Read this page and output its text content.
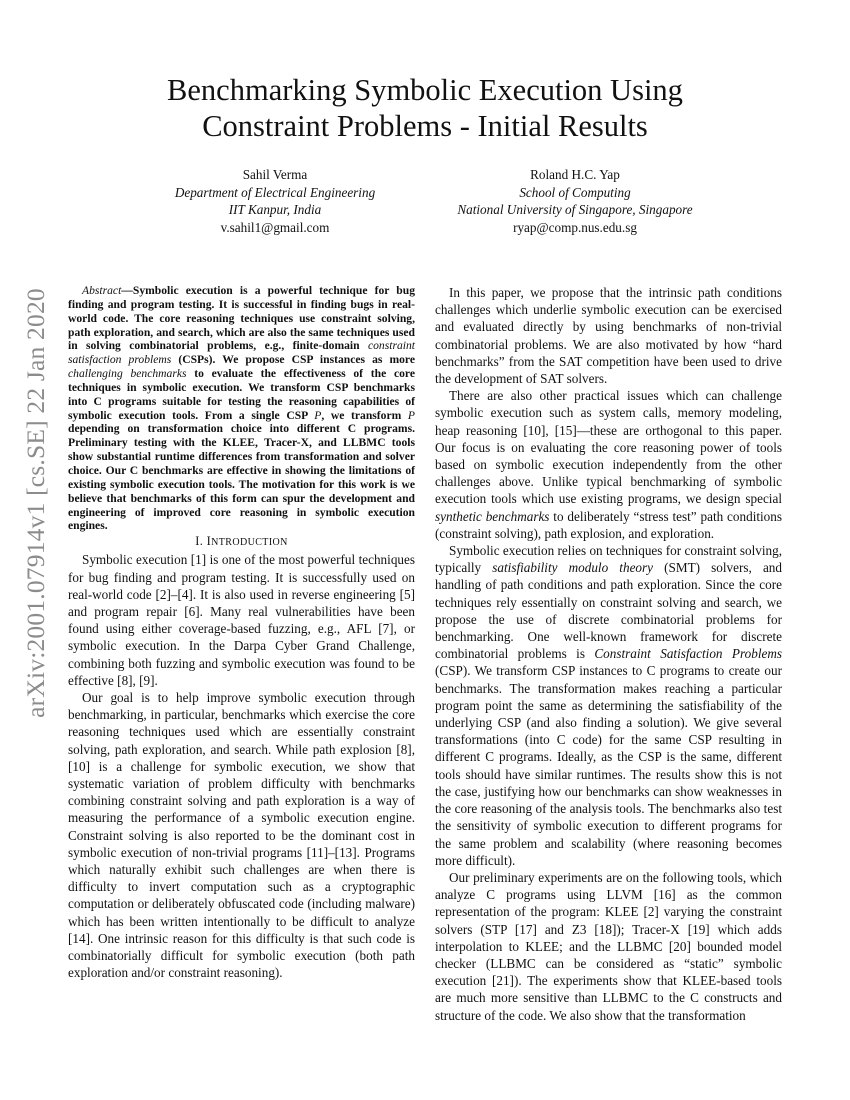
arXiv:2001.07914v1 [cs.SE] 22 Jan 2020
Benchmarking Symbolic Execution Using
Constraint Problems - Initial Results
Sahil Verma
Department of Electrical Engineering
IIT Kanpur, India
v.sahil1@gmail.com
Roland H.C. Yap
School of Computing
National University of Singapore, Singapore
ryap@comp.nus.edu.sg

Abstract—Symbolic execution is a powerful technique for bug finding and program testing. It is successful in finding bugs in real-world code. The core reasoning techniques use constraint solving, path exploration, and search, which are also the same techniques used in solving combinatorial problems, e.g., finite-domain constraint satisfaction problems (CSPs). We propose CSP instances as more challenging benchmarks to evaluate the effectiveness of the core techniques in symbolic execution. We transform CSP benchmarks into C programs suitable for testing the reasoning capabilities of symbolic execution tools. From a single CSP P, we transform P depending on transformation choice into different C programs. Preliminary testing with the KLEE, Tracer-X, and LLBMC tools show substantial runtime differences from transformation and solver choice. Our C benchmarks are effective in showing the limitations of existing symbolic execution tools. The motivation for this work is we believe that benchmarks of this form can spur the development and engineering of improved core reasoning in symbolic execution engines.

I. INTRODUCTION

Symbolic execution [1] is one of the most powerful techniques for bug finding and program testing. It is successfully used on real-world code [2]–[4]. It is also used in reverse engineering [5] and program repair [6]. Many real vulnerabilities have been found using either coverage-based fuzzing, e.g., AFL [7], or symbolic execution. In the Darpa Cyber Grand Challenge, combining both fuzzing and symbolic execution was found to be effective [8], [9].

Our goal is to help improve symbolic execution through benchmarking, in particular, benchmarks which exercise the core reasoning techniques used which are essentially constraint solving, path exploration, and search. While path explosion [8], [10] is a challenge for symbolic execution, we show that systematic variation of problem difficulty with benchmarks combining constraint solving and path exploration is a way of measuring the performance of a symbolic execution engine. Constraint solving is also reported to be the dominant cost in symbolic execution of non-trivial programs [11]–[13]. Programs which naturally exhibit such challenges are when there is difficulty to invert computation such as a cryptographic computation or deliberately obfuscated code (including malware) which has been written intentionally to be difficult to analyze [14]. One intrinsic reason for this difficulty is that such code is combinatorially difficult for symbolic execution (both path exploration and/or constraint reasoning).

In this paper, we propose that the intrinsic path conditions challenges which underlie symbolic execution can be exercised and evaluated directly by using benchmarks of non-trivial combinatorial problems. We are also motivated by how “hard benchmarks” from the SAT competition have been used to drive the development of SAT solvers.

There are also other practical issues which can challenge symbolic execution such as system calls, memory modeling, heap reasoning [10], [15]—these are orthogonal to this paper. Our focus is on evaluating the core reasoning power of tools based on symbolic execution independently from the other challenges above. Unlike typical benchmarking of symbolic execution tools which use existing programs, we design special synthetic benchmarks to deliberately “stress test” path conditions (constraint solving), path explosion, and exploration.

Symbolic execution relies on techniques for constraint solving, typically satisfiability modulo theory (SMT) solvers, and handling of path conditions and path exploration. Since the core techniques rely essentially on constraint solving and search, we propose the use of discrete combinatorial problems for benchmarking. One well-known framework for discrete combinatorial problems is Constraint Satisfaction Problems (CSP). We transform CSP instances to C programs to create our benchmarks. The transformation makes reaching a particular program point the same as determining the satisfiability of the underlying CSP (and also finding a solution). We give several transformations (into C code) for the same CSP resulting in different C programs. Ideally, as the CSP is the same, different tools should have similar runtimes. The results show this is not the case, justifying how our benchmarks can show weaknesses in the core reasoning of the analysis tools. The benchmarks also test the sensitivity of symbolic execution to different programs for the same problem and scalability (where reasoning becomes more difficult).

Our preliminary experiments are on the following tools, which analyze C programs using LLVM [16] as the common representation of the program: KLEE [2] varying the constraint solvers (STP [17] and Z3 [18]); Tracer-X [19] which adds interpolation to KLEE; and the LLBMC [20] bounded model checker (LLBMC can be considered as “static” symbolic execution [21]). The experiments show that KLEE-based tools are much more sensitive than LLBMC to the C constructs and structure of the code. We also show that the transformation
